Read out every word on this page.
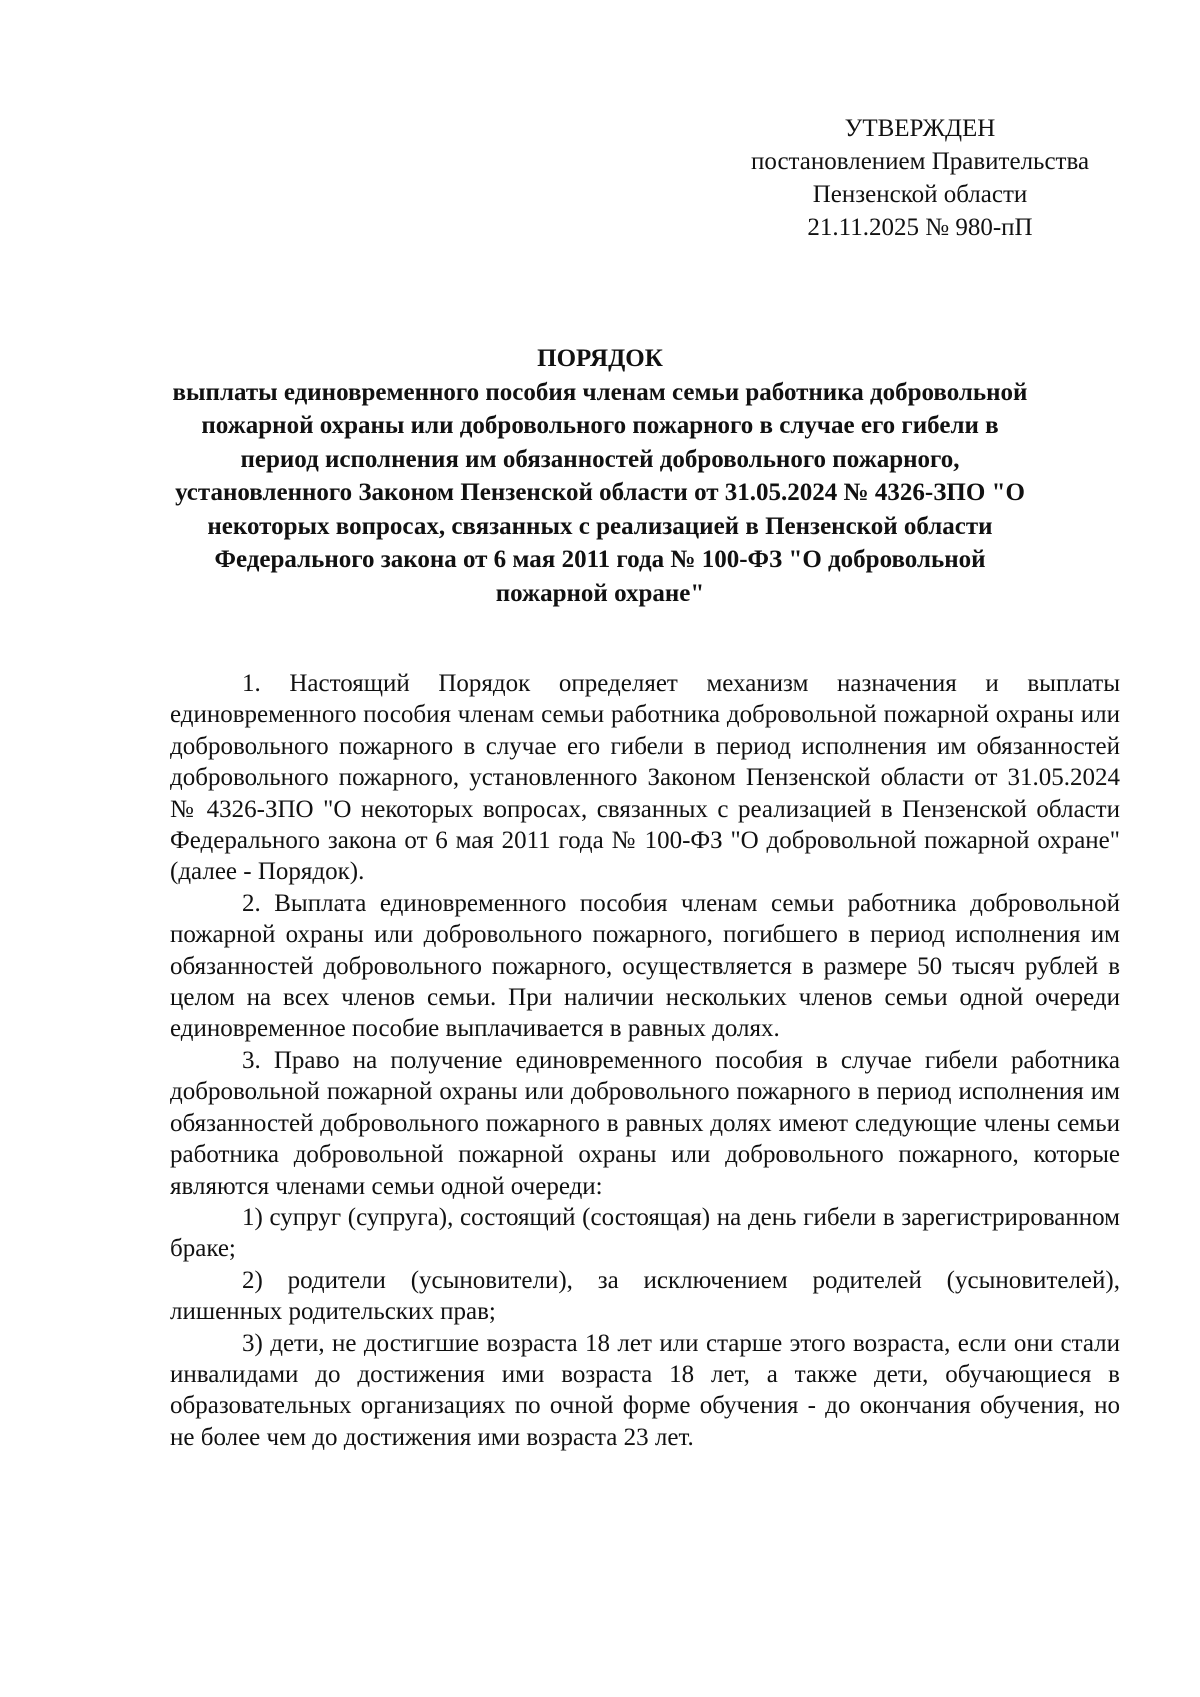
УТВЕРЖДЕН
постановлением Правительства
Пензенской области
21.11.2025 № 980-пП
ПОРЯДОК
выплаты единовременного пособия членам семьи работника добровольной пожарной охраны или добровольного пожарного в случае его гибели в период исполнения им обязанностей добровольного пожарного, установленного Законом Пензенской области от 31.05.2024 № 4326-ЗПО "О некоторых вопросах, связанных с реализацией в Пензенской области Федерального закона от 6 мая 2011 года № 100-ФЗ "О добровольной пожарной охране"

1. Настоящий Порядок определяет механизм назначения и выплаты единовременного пособия членам семьи работника добровольной пожарной охраны или добровольного пожарного в случае его гибели в период исполнения им обязанностей добровольного пожарного, установленного Законом Пензенской области от 31.05.2024 № 4326-ЗПО "О некоторых вопросах, связанных с реализацией в Пензенской области Федерального закона от 6 мая 2011 года № 100-ФЗ "О добровольной пожарной охране" (далее - Порядок).

2. Выплата единовременного пособия членам семьи работника добровольной пожарной охраны или добровольного пожарного, погибшего в период исполнения им обязанностей добровольного пожарного, осуществляется в размере 50 тысяч рублей в целом на всех членов семьи. При наличии нескольких членов семьи одной очереди единовременное пособие выплачивается в равных долях.

3. Право на получение единовременного пособия в случае гибели работника добровольной пожарной охраны или добровольного пожарного в период исполнения им обязанностей добровольного пожарного в равных долях имеют следующие члены семьи работника добровольной пожарной охраны или добровольного пожарного, которые являются членами семьи одной очереди:

1) супруг (супруга), состоящий (состоящая) на день гибели в зарегистрированном браке;

2) родители (усыновители), за исключением родителей (усыновителей), лишенных родительских прав;

3) дети, не достигшие возраста 18 лет или старше этого возраста, если они стали инвалидами до достижения ими возраста 18 лет, а также дети, обучающиеся в образовательных организациях по очной форме обучения - до окончания обучения, но не более чем до достижения ими возраста 23 лет.
